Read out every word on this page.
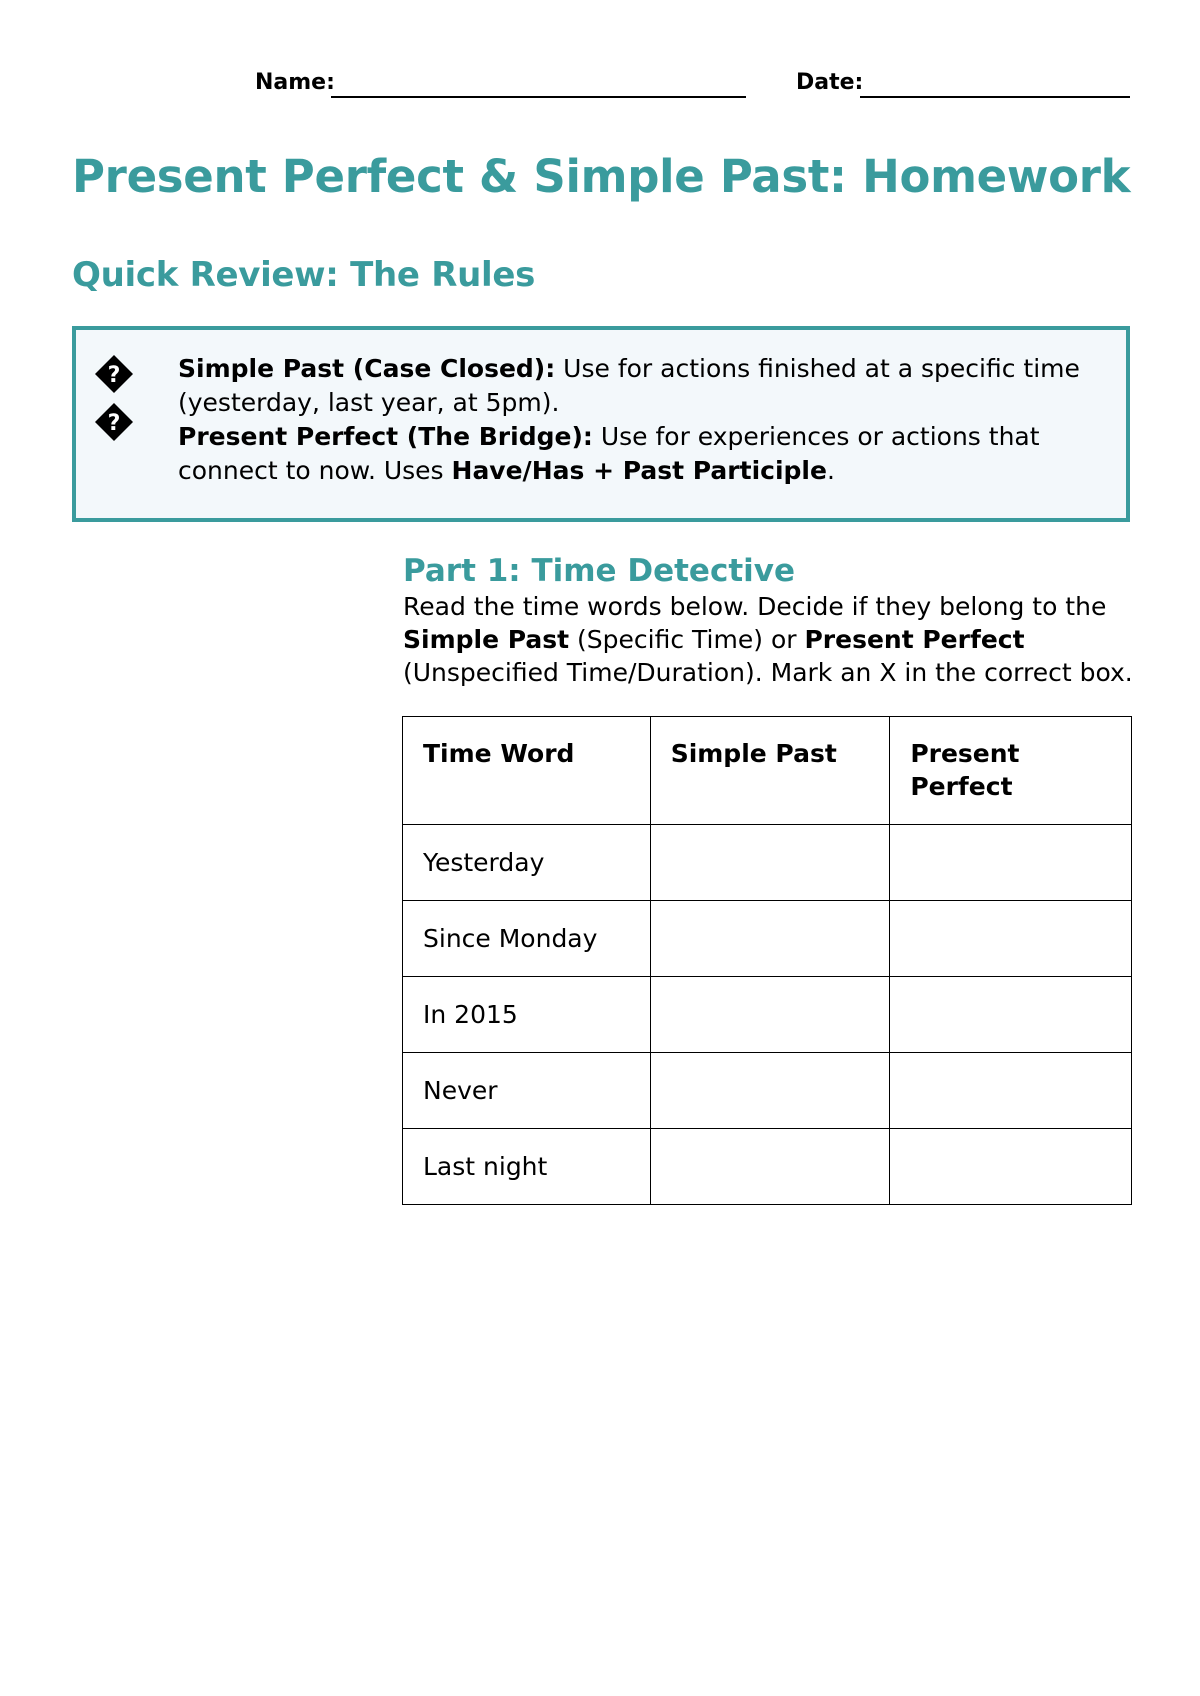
Name:	Date:
Present Perfect & Simple Past: Homework
Quick Review: The Rules
?
?

Simple Past (Case Closed): Use for actions finished at a specific time (yesterday, last year, at 5pm).

Present Perfect (The Bridge): Use for experiences or actions that connect to now. Uses Have/Has + Past Participle.

Part 1: Time Detective

Read the time words below. Decide if they belong to the Simple Past (Specific Time) or Present Perfect (Unspecified Time/Duration). Mark an X in the correct box.

Time Word	Simple Past	Present Perfect
Yesterday		
Since Monday		
In 2015		
Never		
Last night		
